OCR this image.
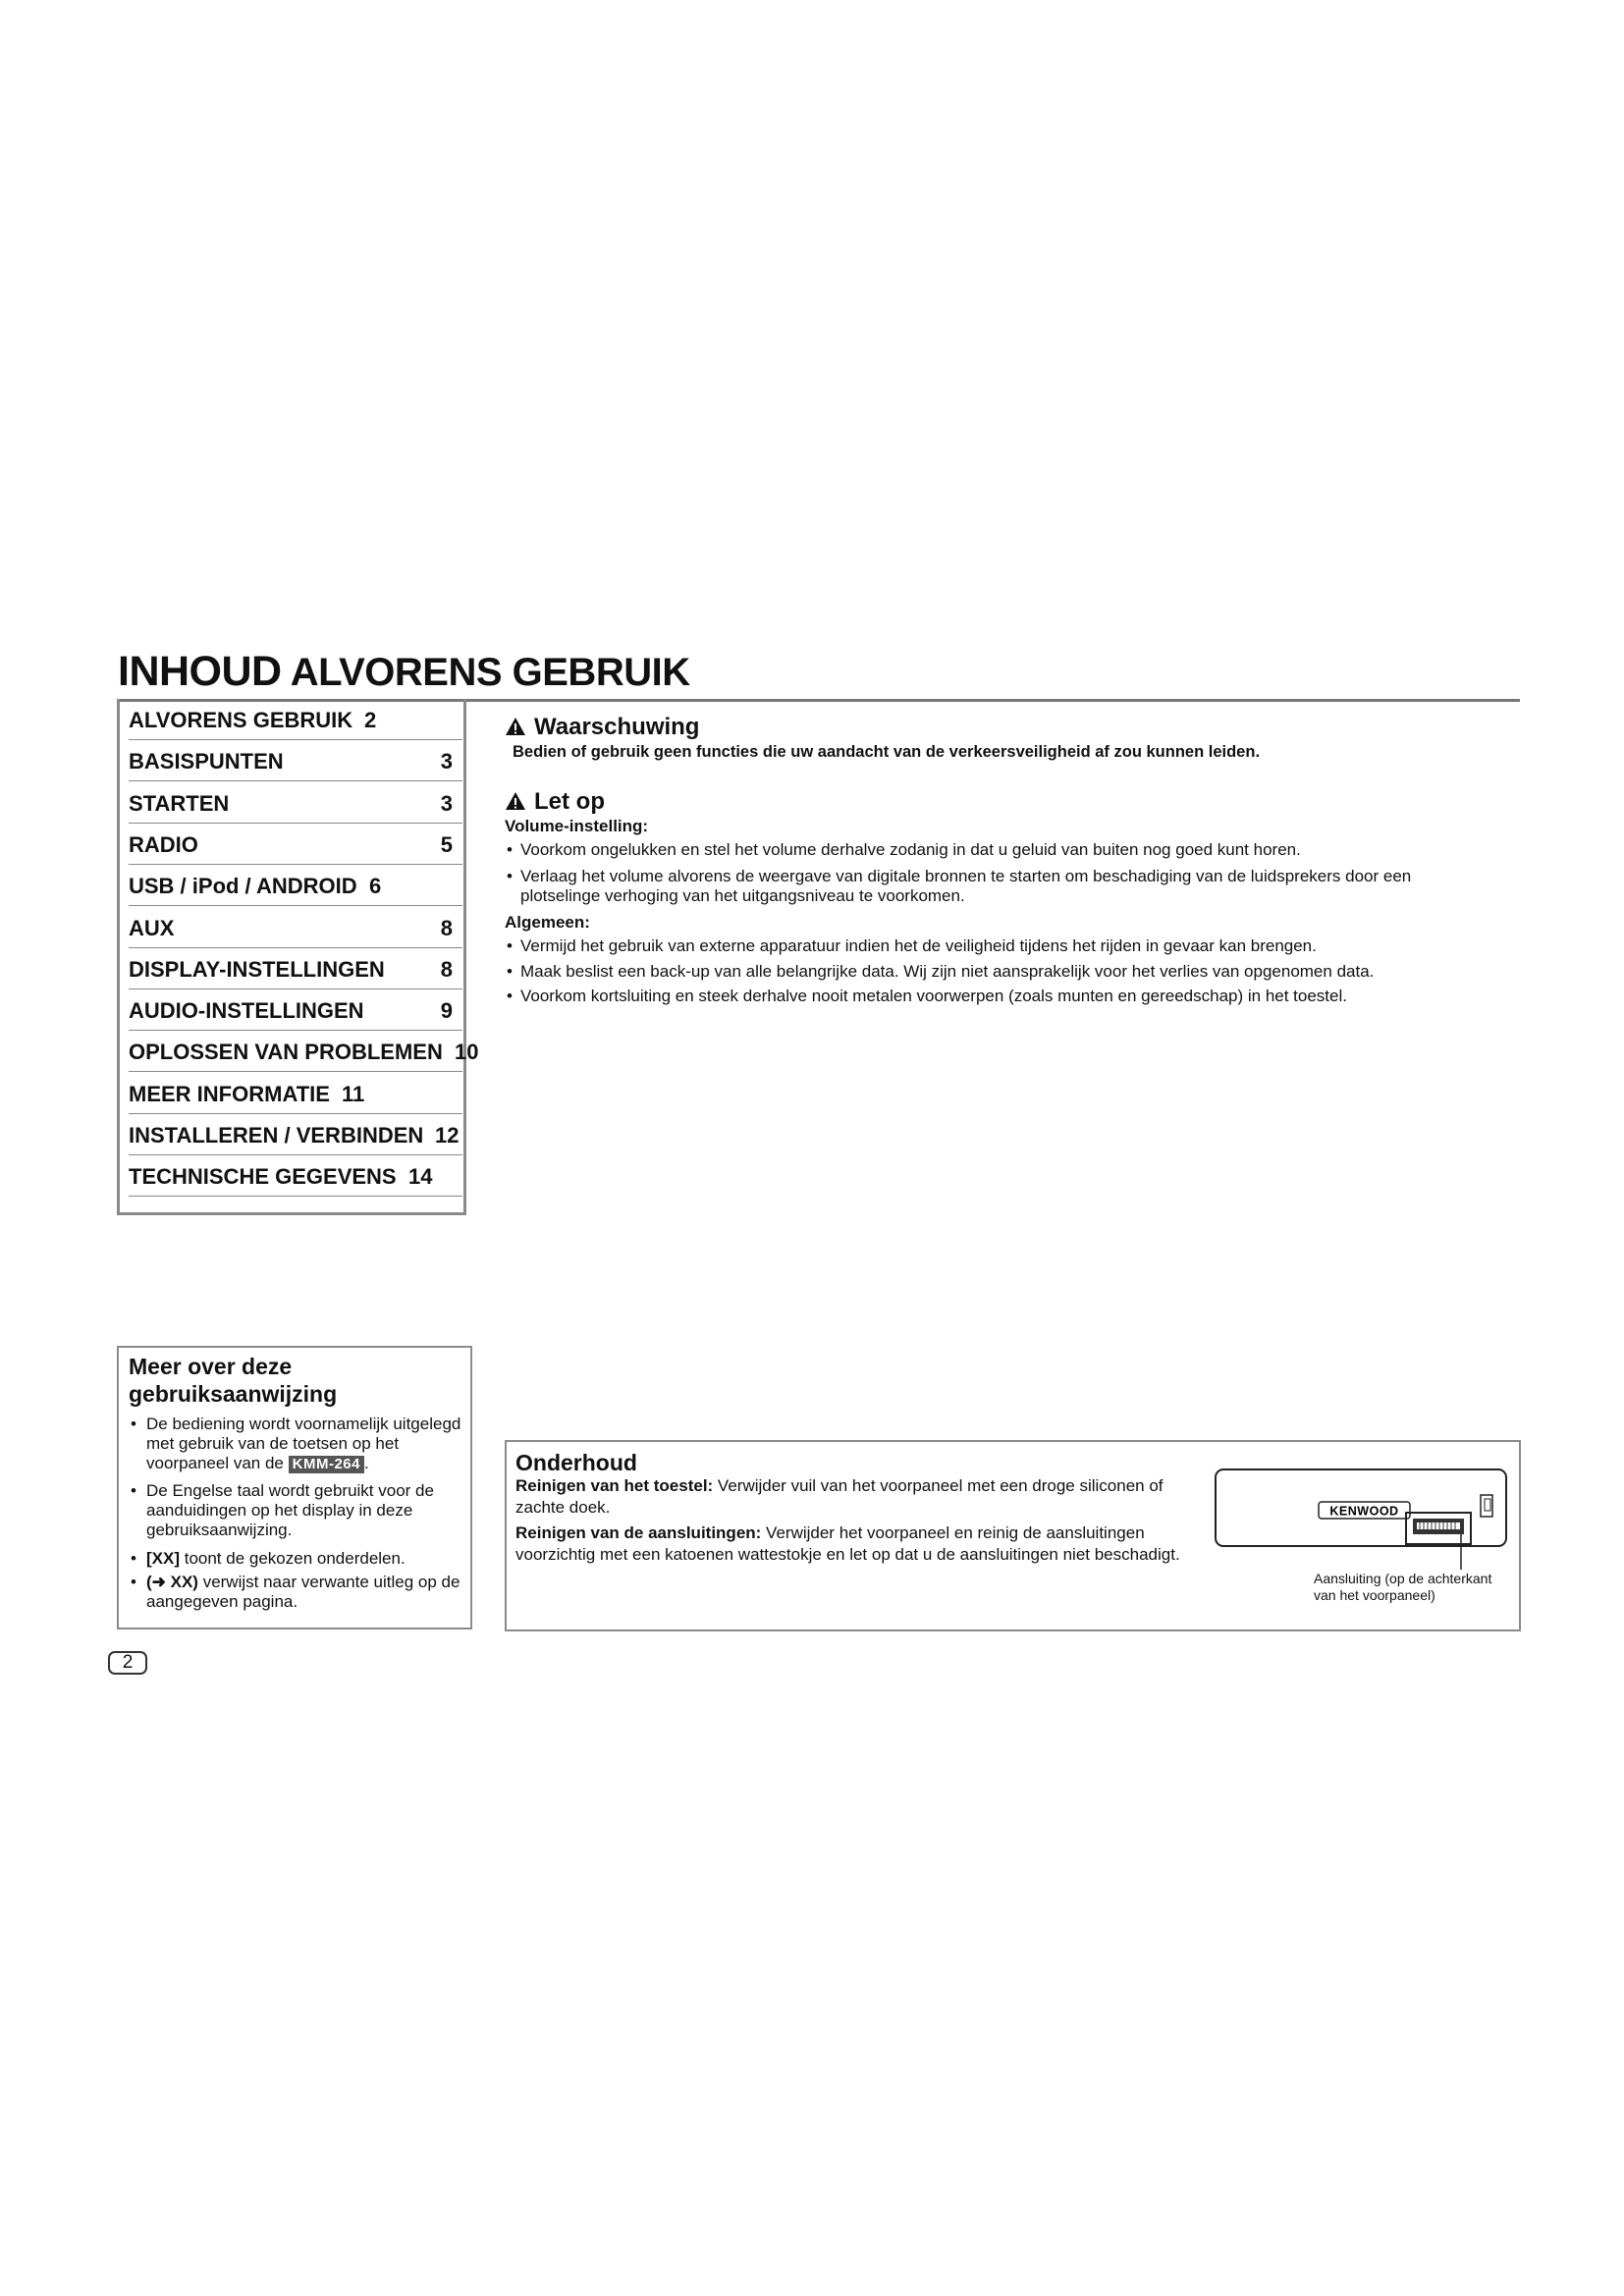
INHOUD ALVORENS GEBRUIK
ALVORENS GEBRUIK 2
BASISPUNTEN	3
STARTEN	3
RADIO	5
USB / iPod / ANDROID 6
AUX	8
DISPLAY-INSTELLINGEN	8
AUDIO-INSTELLINGEN	9
OPLOSSEN VAN PROBLEMEN 10
MEER INFORMATIE 11
INSTALLEREN / VERBINDEN 12
TECHNISCHE GEGEVENS 14
Waarschuwing
Bedien of gebruik geen functies die uw aandacht van de verkeersveiligheid af zou kunnen leiden.
Let op
Volume-instelling:
• Voorkom ongelukken en stel het volume derhalve zodanig in dat u geluid van buiten nog goed kunt horen.
• Verlaag het volume alvorens de weergave van digitale bronnen te starten om beschadiging van de luidsprekers door een plotselinge verhoging van het uitgangsniveau te voorkomen.
Algemeen:
• Vermijd het gebruik van externe apparatuur indien het de veiligheid tijdens het rijden in gevaar kan brengen.
• Maak beslist een back-up van alle belangrijke data. Wij zijn niet aansprakelijk voor het verlies van opgenomen data.
• Voorkom kortsluiting en steek derhalve nooit metalen voorwerpen (zoals munten en gereedschap) in het toestel.
Meer over deze
gebruiksaanwijzing
• De bediening wordt voornamelijk uitgelegd met gebruik van de toetsen op het voorpaneel van de KMM-264 .
• De Engelse taal wordt gebruikt voor de aanduidingen op het display in deze gebruiksaanwijzing.
• [XX] toont de gekozen onderdelen.
• (➜ XX) verwijst naar verwante uitleg op de aangegeven pagina.
Onderhoud
Reinigen van het toestel: Verwijder vuil van het voorpaneel met een droge siliconen of zachte doek.
Reinigen van de aansluitingen: Verwijder het voorpaneel en reinig de aansluitingen voorzichtig met een katoenen wattestokje en let op dat u de aansluitingen niet beschadigt.
KENWOOD
Aansluiting (op de achterkant van het voorpaneel)
2
